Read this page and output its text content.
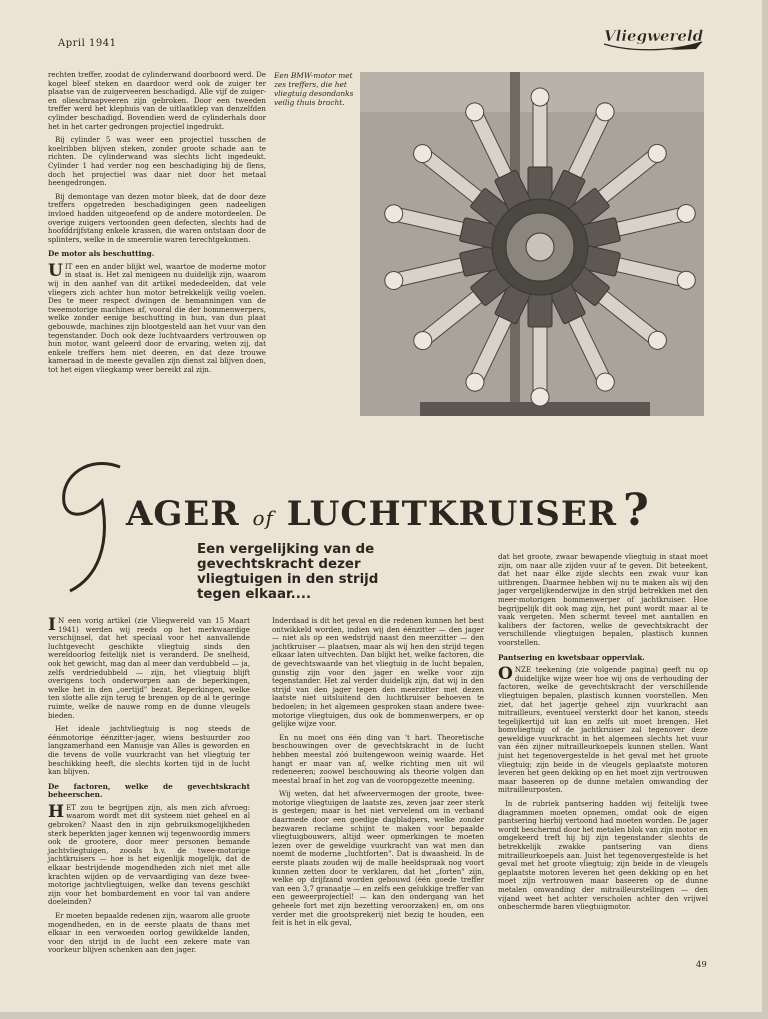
April 1941	Vliegwereld

rechten treffer, zoodat de cylinderwand doorboord werd. De kogel bleef steken en daardoor werd ook de zuiger ter plaatse van de zuigerveeren beschadigd. Alle vijf de zuiger- en oliescbraapveeren zijn gebroken. Door een tweeden treffer werd het klephuis van de uitlaatklep van denzelfden cylinder beschadigd. Bovendien werd de cylinderhals door het in het carter gedrongen projectiel ingedrukt.

Bij cylinder 5 was weer een projectiel tusschen de koelribben blijven steken, zonder groote schade aan te richten. De cylinderwand was slechts licht ingedeukt. Cylinder 1 had verder nog een beschadiging bij de flens, doch het projectiel was daar niet door het metaal heengedrongen.

Bij demontage van dezen motor bleek, dat de door deze treffers opgetreden beschadigingen geen nadeeligen invloed hadden uitgeoefend op de andere motordeelen. De overige zuigers vertoonden geen defecten, slechts had de hoofddrijfstang enkele krassen, die waren ontstaan door de splinters, welke in de smeerolie waren terechtgekomen.

De motor als beschutting.

UIT een en ander blijkt wel, waartoe de moderne motor in staat is. Het zal menigeen nu duidelijk zijn, waarom wij in den aanhef van dit artikel mededeelden, dat vele vliegers zich achter hun motor betrekkelijk veilig voelen. Des te meer respect dwingen de bemanningen van de tweemotorige machines af, vooral die der bommenwerpers, welke zonder eenige beschutting in hun, van dun plaat gebouwde, machines zijn blootgesteld aan het vuur van den tegenstander. Doch ook deze luchtvaarders vertrouwen op hun motor, want geleerd door de ervaring, weten zij, dat enkele treffers hem niet deeren, en dat deze trouwe kameraad in de meeste gevallen zijn dienst zal blijven doen, tot het eigen vliegkamp weer bereikt zal zijn.

Een BMW-motor met zes treffers, die het vliegtuig desondanks veilig thuis bracht.
AGER of LUCHTKRUISER ?
Een vergelijking van de gevechtskracht dezer vliegtuigen in den strijd tegen elkaar....

I N een vorig artikel (zie Vliegwereld van 15 Maart 1941) werden wij reeds op het merkwaardige verschijnsel, dat het speciaal voor het aanvallende luchtgevecht geschikte vliegtuig sinds den wereldoorlog feitelijk niet is veranderd. De snelheid, ook het gewicht, mag dan al meer dan verdubbeld — ja, zelfs verdriedubbeld — zijn, het vliegtuig blijft overigens toch onderworpen aan de beperkingen, welke het in den „oertijd" bezat. Beperkingen, welke ten slotte alle zijn terug te brengen op de al te geringe ruimte, welke de nauwe romp en de dunne vleugels bieden.

Het ideale jachtvliegtuig is nog steeds de éénmotorige éénzitter-jager, wiens bestuurder zoo langzamerhand een Manusje van Alles is geworden en die tevens de volle vuurkracht van het vliegtuig ter beschikking heeft, die slechts korten tijd in de lucht kan blijven.

De factoren, welke de gevechtskracht beheerschen.

HET zou te begrijpen zijn, als men zich afvroeg: waarom wordt met dit systeem niet geheel en al gebroken? Naast den in zijn gebruiksmogelijkheden sterk beperkten jager kennen wij tegenwoordig immers ook de grootere, door meer personen bemande jachtvliegtuigen, zooals b.v. de twee-motorige jachtkruisers — hoe is het eigenlijk mogelijk, dat de elkaar bestrijdende mogendheden zich niet met alle krachten wijden op de vervaardiging van deze twee-motorige jachtvliegtuigen, welke dan tevens geschikt zijn voor het bombardement en voor tal van andere doeleinden?

Er moeten bepaalde redenen zijn, waarom alle groote mogendheden, en in de eerste plaats de thans met elkaar in een verwoeden oorlog gewikkelde landen, voor den strijd in de lucht een zekere mate van voorkeur blijven schenken aan den jager.

Inderdaad is dit het geval en die redenen kunnen het best ontwikkeld worden, indien wij den éénzitter — den jager — niet als op een wedstrijd naast den meerzitter — den jachtkruiser — plaatsen, maar als wij hen den strijd tegen elkaar laten uitvechten. Dan blijkt het, welke factoren, die de gevechtswaarde van het vliegtuig in de lucht bepalen, gunstig zijn voor den jager en welke voor zijn tegenstander. Het zal verder duidelijk zijn, dat wij in den strijd van den jager tegen den meerzitter met dezen laatste niet uitsluitend den luchtkruiser behoeven te bedoelen; in het algemeen gesproken staan andere twee-motorige vliegtuigen, dus ook de bommenwerpers, er op gelijke wijze voor.

En nu moet ons één ding van 't hart. Theoretische beschouwingen over de gevechtskracht in de lucht hebben meestal zóó buitengewoon weinig waarde. Het hangt er maar van af, welke richting men uit wil redeneeren; zoowel beschouwing als theorie volgen dan meestal braaf in het zog van de vooropgezette meening.

Wij weten, dat het afweervermogen der groote, twee-motorige vliegtuigen de laatste zes, zeven jaar zeer sterk is gestegen; maar is het niet vervelend om in verband daarmede door een goedige dagbladpers, welke zonder bezwaren reclame schijnt te maken voor bepaalde vliegtuigbouwers, altijd weer opmerkingen te moeten lezen over de geweldige vuurkracht van wat men dan noemt de moderne „luchtforten". Dat is dwaasheid. In de eerste plaats zouden wij de malle beeldspraak nog voort kunnen zetten door te verklaren, dat het „forten" zijn, welke op drijfzand worden gebouwd (één goede treffer van een 3,7 granaatje — en zelfs een gelukkige treffer van een geweerprojectiel! — kan den ondergang van het geheele fort met zijn bezetting veroorzaken) en, om ons verder met die grootsprekerij niet bezig te houden, een feit is het in elk geval,

dat het groote, zwaar bewapende vliegtuig in staat moet zijn, om naar alle zijden vuur af te geven. Dit beteekent, dat het naar élke zijde slechts een zwak vuur kan uitbrengen. Daarmee hebben wij nu te maken als wij den jager vergelijkenderwijze in den strijd betrekken met den meer-motorigen bommenwerper of jachtkruiser. Hoe begrijpelijk dit ook mag zijn, het punt wordt maar al te vaak vergeten. Men schermt teveel met aantallen en kalibers der factoren, welke de gevechtskracht der verschillende vliegtuigen bepalen, plastisch kunnen voorstellen.

Pantsering en kwetsbaar oppervlak.

ONZE teekening (zie volgende pagina) geeft nu op duidelijke wijze weer hoe wij ons de verhouding der factoren, welke de gevechtskracht der verschillende vliegtuigen bepalen, plastisch kunnen voorstellen. Men ziet, dat het jagertje geheel zijn vuurkracht aan mitrailleurs, eventueel versterkt door het kanon, steeds tegelijkertijd uit kan en zelfs uit moet brengen. Het bomvliegtuig of de jachtkruiser zal tegenover deze geweldige vuurkracht in het algemeen slechts het vuur van één zijner mitrailleurkoepels kunnen stellen. Want juist het tegenovergestelde is het geval met het groote vliegtuig; zijn beide in de vleugels geplaatste motoren leveren het geen dekking op en het moet zijn vertrouwen maar baseeren op de dunne metalen omwanding der mitrailleurposten.

In de rubriek pantsering hadden wij feitelijk twee diagrammen moeten opnemen, omdat ook de eigen pantsering hierbij vertoond had moeten worden. De jager wordt beschermd door het metalen blok van zijn motor en omgekeerd treft hij bij zijn tegenstander slechts de betrekkelijk zwakke pantsering van diens mitrailleurkoepels aan. Juist het tegenovergestelde is het geval met het groote vliegtuig; zijn beide in de vleugels geplaatste motoren leveren het geen dekking op en het moet zijn vertrouwen maar baseeren op de dunne metalen omwanding der mitrailleurstellingen — den vijand weet het achter verscholen achter den vrijwel onbeschermde baren vliegtuigmotor.

49
